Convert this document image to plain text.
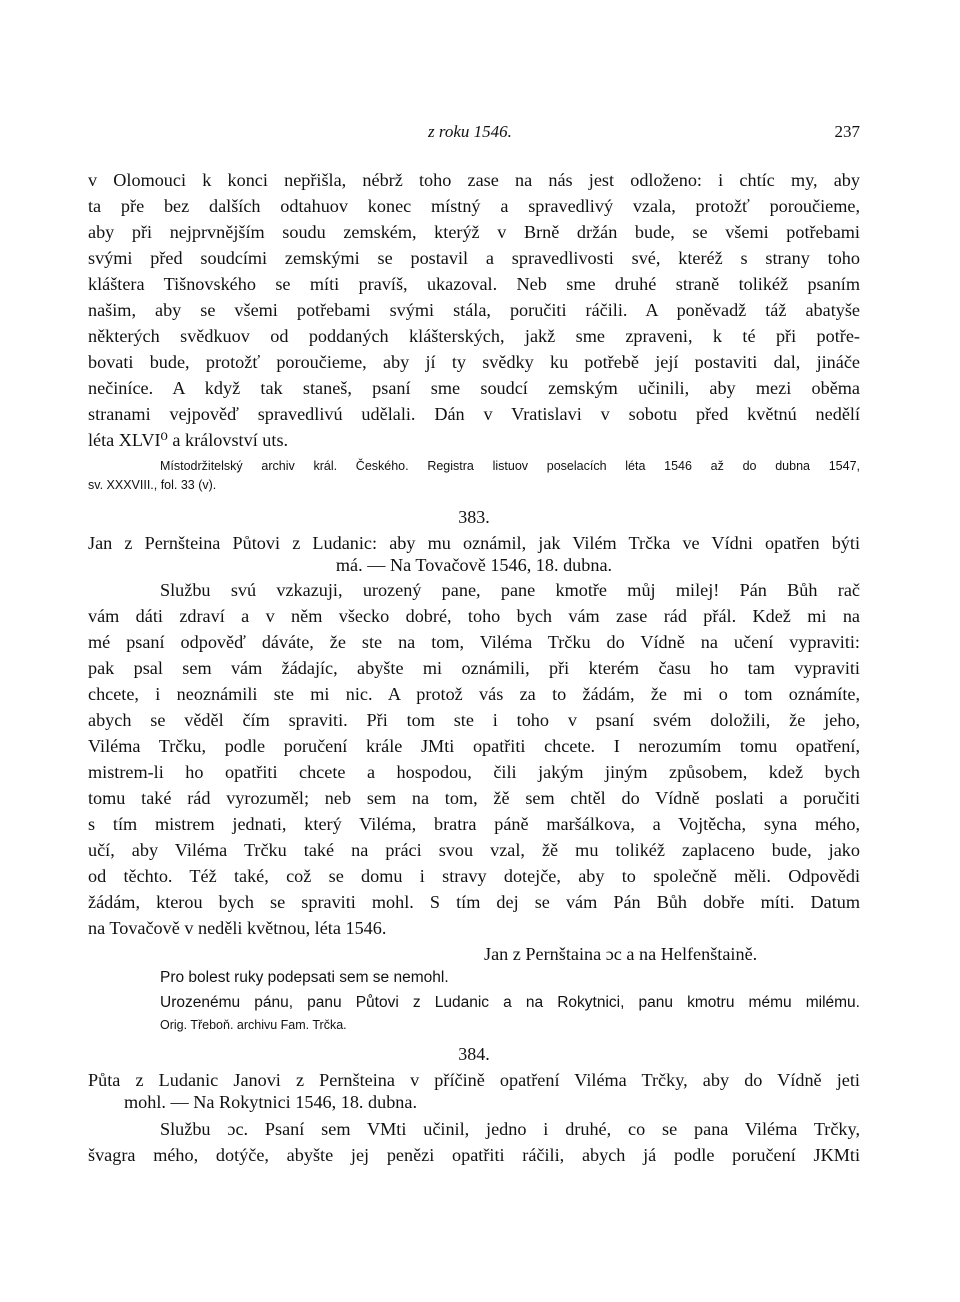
z roku 1546.	237
v Olomouci k konci nepřišla, nébrž toho zase na nás jest odloženo: i chtíc my, aby
ta pře bez dalších odtahuov konec místný a spravedlivý vzala, protožť poroučieme,
aby při nejprvnějším soudu zemském, kterýž v Brně držán bude, se všemi potřebami
svými před soudcími zemskými se postavil a spravedlivosti své, kteréž s strany toho
kláštera Tišnovského se míti pravíš, ukazoval. Neb sme druhé straně tolikéž psaním
našim, aby se všemi potřebami svými stála, poručiti ráčili. A poněvadž táž abatyše
některých svědkuov od poddaných klášterských, jakž sme zpraveni, k té při potře-
bovati bude, protožť poroučieme, aby jí ty svědky ku potřebě její postaviti dal, jináče
nečiníce. A když tak staneš, psaní sme soudcí zemským učinili, aby mezi oběma
stranami vejpověď spravedlivú udělali. Dán v Vratislavi v sobotu před květnú nedělí
léta XLVI⁰ a království uts.
Místodržitelský archiv král. Českého. Registra listuov poselacích léta 1546 až do dubna 1547,
sv. XXXVIII., fol. 33 (v).
383.
Jan z Pernšteina Půtovi z Ludanic: aby mu oznámil, jak Vilém Trčka ve Vídni opatřen býti
má. — Na Tovačově 1546, 18. dubna.
Službu svú vzkazuji, urozený pane, pane kmotře můj milej! Pán Bůh rač
vám dáti zdraví a v něm všecko dobré, toho bych vám zase rád přál. Kdež mi na
mé psaní odpověď dáváte, že ste na tom, Viléma Trčku do Vídně na učení vypraviti:
pak psal sem vám žádajíc, abyšte mi oznámili, při kterém času ho tam vypraviti
chcete, i neoznámili ste mi nic. A protož vás za to žádám, že mi o tom oznámíte,
abych se věděl čím spraviti. Při tom ste i toho v psaní svém doložili, že jeho,
Viléma Trčku, podle poručení krále JMti opatřiti chcete. I nerozumím tomu opatření,
mistrem-li ho opatřiti chcete a hospodou, čili jakým jiným způsobem, kdež bych
tomu také rád vyrozuměl; neb sem na tom, žě sem chtěl do Vídně poslati a poručiti
s tím mistrem jednati, který Viléma, bratra páně maršálkova, a Vojtěcha, syna mého,
učí, aby Viléma Trčku také na práci svou vzal, žě mu tolikéž zaplaceno bude, jako
od těchto. Též také, což se domu i stravy dotejče, aby to společně měli. Odpovědi
žádám, kterou bych se spraviti mohl. S tím dej se vám Pán Bůh dobře míti. Datum
na Tovačově v neděli květnou, léta 1546.
Jan z Pernštaina ɔc a na Helfenštaině.
Pro bolest ruky podepsati sem se nemohl.
Urozenému pánu, panu Půtovi z Ludanic a na Rokytnici, panu kmotru mému milému.
Orig. Třeboň. archivu Fam. Trčka.
384.
Půta z Ludanic Janovi z Pernšteina v příčině opatření Viléma Trčky, aby do Vídně jeti
mohl. — Na Rokytnici 1546, 18. dubna.
Službu ɔc. Psaní sem VMti učinil, jedno i druhé, co se pana Viléma Trčky,
švagra mého, dotýče, abyšte jej penězi opatřiti ráčili, abych já podle poručení JKMti
